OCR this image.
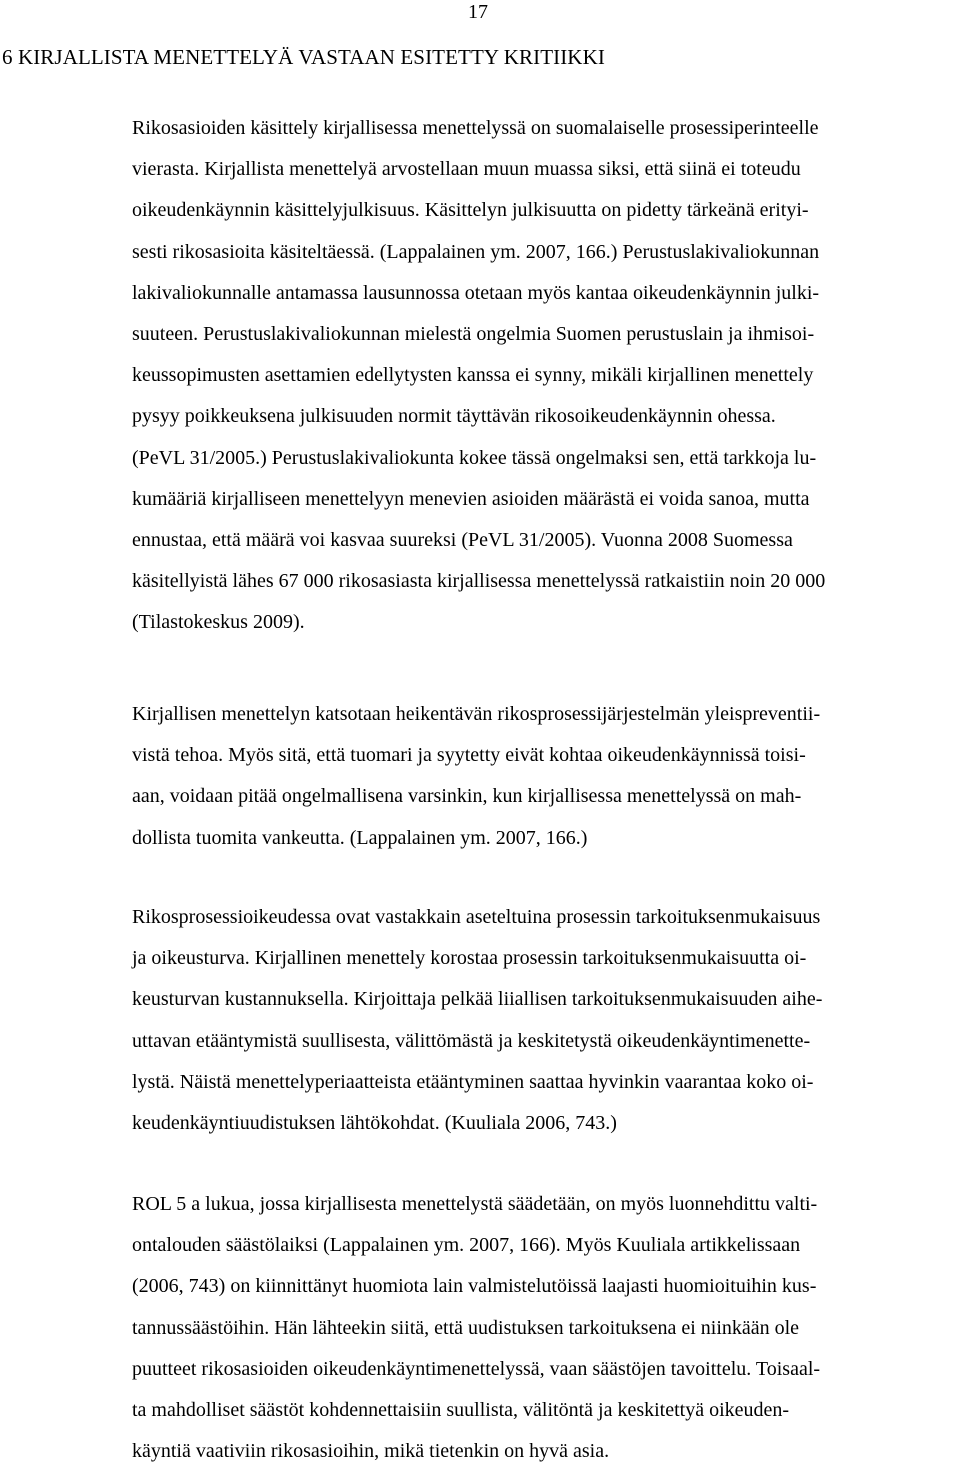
17
6 KIRJALLISTA MENETTELYÄ VASTAAN ESITETTY KRITIIKKI

Rikosasioiden käsittely kirjallisessa menettelyssä on suomalaiselle prosessiperinteelle

vierasta. Kirjallista menettelyä arvostellaan muun muassa siksi, että siinä ei toteudu

oikeudenkäynnin käsittelyjulkisuus. Käsittelyn julkisuutta on pidetty tärkeänä erityi-

sesti rikosasioita käsiteltäessä. (Lappalainen ym. 2007, 166.) Perustuslakivaliokunnan

lakivaliokunnalle antamassa lausunnossa otetaan myös kantaa oikeudenkäynnin julki-

suuteen. Perustuslakivaliokunnan mielestä ongelmia Suomen perustuslain ja ihmisoi-

keussopimusten asettamien edellytysten kanssa ei synny, mikäli kirjallinen menettely

pysyy poikkeuksena julkisuuden normit täyttävän rikosoikeudenkäynnin ohessa.

(PeVL 31/2005.) Perustuslakivaliokunta kokee tässä ongelmaksi sen, että tarkkoja lu-

kumääriä kirjalliseen menettelyyn menevien asioiden määrästä ei voida sanoa, mutta

ennustaa, että määrä voi kasvaa suureksi (PeVL 31/2005). Vuonna 2008 Suomessa

käsitellyistä lähes 67 000 rikosasiasta kirjallisessa menettelyssä ratkaistiin noin 20 000

(Tilastokeskus 2009).

Kirjallisen menettelyn katsotaan heikentävän rikosprosessijärjestelmän yleispreventii-

vistä tehoa. Myös sitä, että tuomari ja syytetty eivät kohtaa oikeudenkäynnissä toisi-

aan, voidaan pitää ongelmallisena varsinkin, kun kirjallisessa menettelyssä on mah-

dollista tuomita vankeutta. (Lappalainen ym. 2007, 166.)

Rikosprosessioikeudessa ovat vastakkain aseteltuina prosessin tarkoituksenmukaisuus

ja oikeusturva. Kirjallinen menettely korostaa prosessin tarkoituksenmukaisuutta oi-

keusturvan kustannuksella. Kirjoittaja pelkää liiallisen tarkoituksenmukaisuuden aihe-

uttavan etääntymistä suullisesta, välittömästä ja keskitetystä oikeudenkäyntimenette-

lystä. Näistä menettelyperiaatteista etääntyminen saattaa hyvinkin vaarantaa koko oi-

keudenkäyntiuudistuksen lähtökohdat. (Kuuliala 2006, 743.)

ROL 5 a lukua, jossa kirjallisesta menettelystä säädetään, on myös luonnehdittu valti-

ontalouden säästölaiksi (Lappalainen ym. 2007, 166). Myös Kuuliala artikkelissaan

(2006, 743) on kiinnittänyt huomiota lain valmistelutöissä laajasti huomioituihin kus-

tannussäästöihin. Hän lähteekin siitä, että uudistuksen tarkoituksena ei niinkään ole

puutteet rikosasioiden oikeudenkäyntimenettelyssä, vaan säästöjen tavoittelu. Toisaal-

ta mahdolliset säästöt kohdennettaisiin suullista, välitöntä ja keskitettyä oikeuden-

käyntiä vaativiin rikosasioihin, mikä tietenkin on hyvä asia.
